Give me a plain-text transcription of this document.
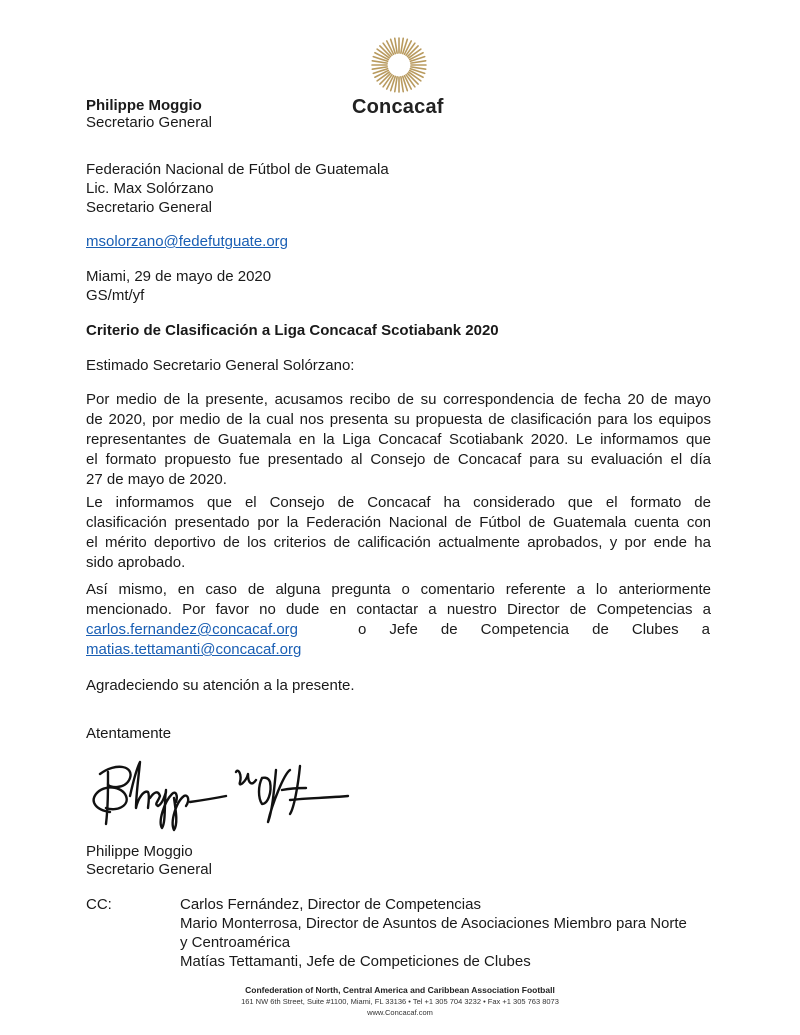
Philippe Moggio
Secretario General
Concacaf
Federación Nacional de Fútbol de Guatemala
Lic. Max Solórzano
Secretario General
msolorzano@fedefutguate.org
Miami, 29 de mayo de 2020
GS/mt/yf
Criterio de Clasificación a Liga Concacaf Scotiabank 2020
Estimado Secretario General Solórzano:
Por medio de la presente, acusamos recibo de su correspondencia de fecha 20 de mayo
de 2020, por medio de la cual nos presenta su propuesta de clasificación para los equipos
representantes de Guatemala en la Liga Concacaf Scotiabank 2020. Le informamos que
el formato propuesto fue presentado al Consejo de Concacaf para su evaluación el día
27 de mayo de 2020.
Le informamos que el Consejo de Concacaf ha considerado que el formato de
clasificación presentado por la Federación Nacional de Fútbol de Guatemala cuenta con
el mérito deportivo de los criterios de calificación actualmente aprobados, y por ende ha
sido aprobado.
Así mismo, en caso de alguna pregunta o comentario referente a lo anteriormente
mencionado. Por favor no dude en contactar a nuestro Director de Competencias a
carlos.fernandez@concacaf.org	o Jefe de Competencia de Clubes a
matias.tettamanti@concacaf.org
Agradeciendo su atención a la presente.
Atentamente
Philippe Moggio
Secretario General
CC:	Carlos Fernández, Director de Competencias
Mario Monterrosa, Director de Asuntos de Asociaciones Miembro para Norte
y Centroamérica
Matías Tettamanti, Jefe de Competiciones de Clubes
Confederation of North, Central America and Caribbean Association Football
161 NW 6th Street, Suite #1100, Miami, FL 33136 • Tel +1 305 704 3232 • Fax +1 305 763 8073
www.Concacaf.com
